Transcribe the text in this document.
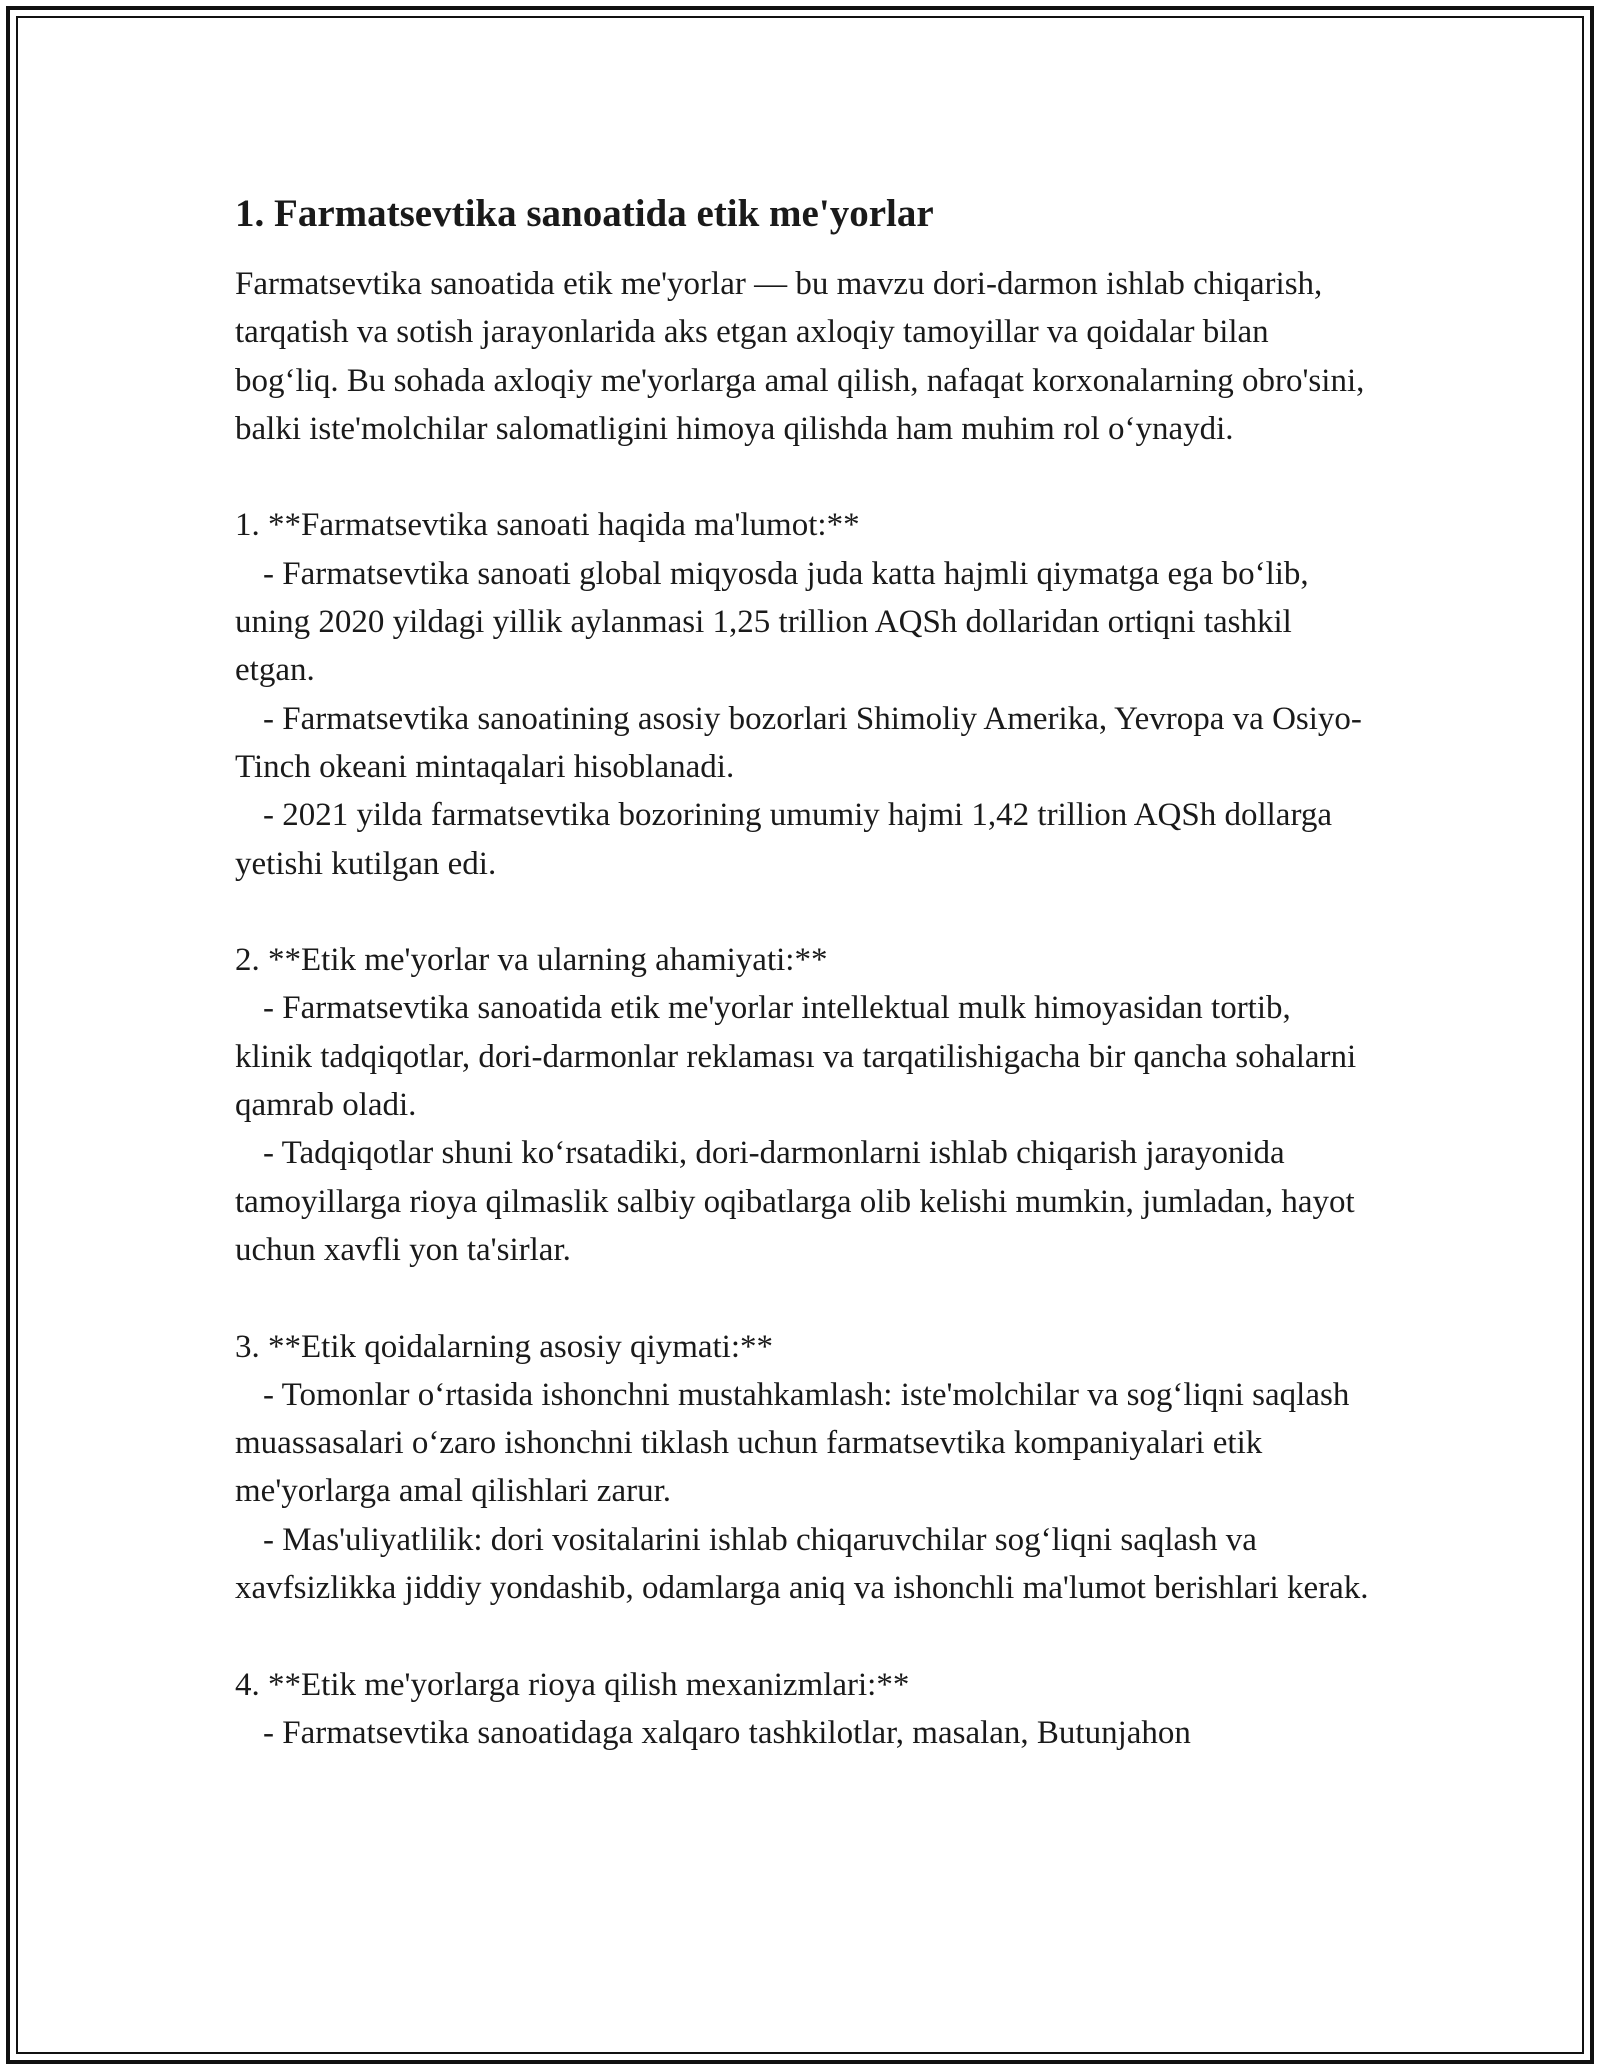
1. Farmatsevtika sanoatida etik me'yorlar

Farmatsevtika sanoatida etik me'yorlar — bu mavzu dori-darmon ishlab chiqarish, tarqatish va sotish jarayonlarida aks etgan axloqiy tamoyillar va qoidalar bilan bog‘liq. Bu sohada axloqiy me'yorlarga amal qilish, nafaqat korxonalarning obro'sini, balki iste'molchilar salomatligini himoya qilishda ham muhim rol o‘ynaydi.

1. **Farmatsevtika sanoati haqida ma'lumot:**

- Farmatsevtika sanoati global miqyosda juda katta hajmli qiymatga ega bo‘lib, uning 2020 yildagi yillik aylanmasi 1,25 trillion AQSh dollaridan ortiqni tashkil etgan.

- Farmatsevtika sanoatining asosiy bozorlari Shimoliy Amerika, Yevropa va Osiyo-Tinch okeani mintaqalari hisoblanadi.

- 2021 yilda farmatsevtika bozorining umumiy hajmi 1,42 trillion AQSh dollarga yetishi kutilgan edi.

2. **Etik me'yorlar va ularning ahamiyati:**

- Farmatsevtika sanoatida etik me'yorlar intellektual mulk himoyasidan tortib, klinik tadqiqotlar, dori-darmonlar reklaması va tarqatilishigacha bir qancha sohalarni qamrab oladi.

- Tadqiqotlar shuni ko‘rsatadiki, dori-darmonlarni ishlab chiqarish jarayonida tamoyillarga rioya qilmaslik salbiy oqibatlarga olib kelishi mumkin, jumladan, hayot uchun xavfli yon ta'sirlar.

3. **Etik qoidalarning asosiy qiymati:**

- Tomonlar o‘rtasida ishonchni mustahkamlash: iste'molchilar va sog‘liqni saqlash muassasalari o‘zaro ishonchni tiklash uchun farmatsevtika kompaniyalari etik me'yorlarga amal qilishlari zarur.

- Mas'uliyatlilik: dori vositalarini ishlab chiqaruvchilar sog‘liqni saqlash va xavfsizlikka jiddiy yondashib, odamlarga aniq va ishonchli ma'lumot berishlari kerak.

4. **Etik me'yorlarga rioya qilish mexanizmlari:**

- Farmatsevtika sanoatidaga xalqaro tashkilotlar, masalan, Butunjahon
